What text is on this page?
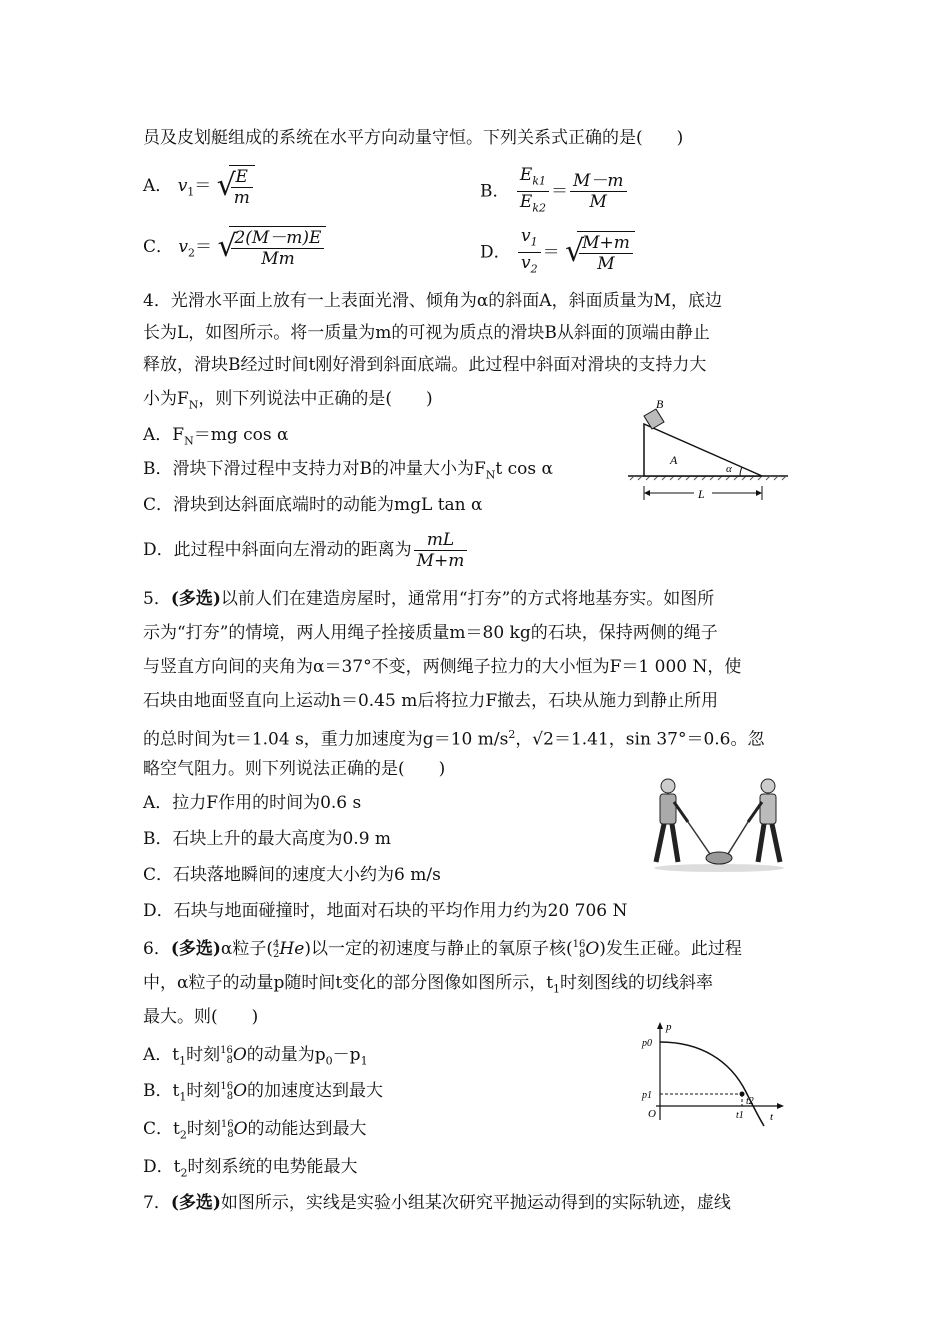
员及皮划艇组成的系统在水平方向动量守恒。下列关系式正确的是(　　)
A． $v_1=$ √
$\frac{E}{m}$	B． $\frac{E_{k1}}{E_{k2}} = \frac{M-m}{M}$
C． $v_2=$ √
$\frac{2(M-m)E}{Mm}$	D． $\frac{v_1}{v_2}$ ＝ √
$\frac{M+m}{M}$
4．光滑水平面上放有一上表面光滑、倾角为α的斜面A，斜面质量为M，底边
长为L，如图所示。将一质量为m的可视为质点的滑块B从斜面的顶端由静止
释放，滑块B经过时间t刚好滑到斜面底端。此过程中斜面对滑块的支持力大
小为$F_N$，则下列说法中正确的是(　　)
A．$F_N=mg$ cos α
B．滑块下滑过程中支持力对B的冲量大小为$F_Nt$ cos α
C．滑块到达斜面底端时的动能为mgL tan α
D．此过程中斜面向左滑动的距离为 $\frac{mL}{M+m}$
B
A
α
L
5．(多选)以前人们在建造房屋时，通常用“打夯”的方式将地基夯实。如图所
示为“打夯”的情境，两人用绳子拴接质量m＝80 kg的石块，保持两侧的绳子
与竖直方向间的夹角为α＝37°不变，两侧绳子拉力的大小恒为F＝1 000 N，使
石块由地面竖直向上运动h＝0.45 m后将拉力F撤去，石块从施力到静止所用
的总时间为t＝1.04 s，重力加速度为g＝10 $m/s^2$，√2＝1.41，sin 37°＝0.6。忽
略空气阻力。则下列说法正确的是(　　)
A．拉力F作用的时间为0.6 s
B．石块上升的最大高度为0.9 m
C．石块落地瞬间的速度大小约为6 m/s
D．石块与地面碰撞时，地面对石块的平均作用力约为20 706 N
6．(多选)α粒子( 4
2 He)以一定的初速度与静止的氧原子核( 16
8 O)发生正碰。此过程
中，α粒子的动量p随时间t变化的部分图像如图所示，$t_1$时刻图线的切线斜率
最大。则(　　)
A．$t_1$时刻 16
8 O的动量为$p_0-p_1$
B．$t_1$时刻 16
8 O的加速度达到最大
C．$t_2$时刻 16
8 O的动能达到最大
D．$t_2$时刻系统的电势能最大
p
p0
p1
O	t
t1
t2
7．(多选)如图所示，实线是实验小组某次研究平抛运动得到的实际轨迹，虚线
